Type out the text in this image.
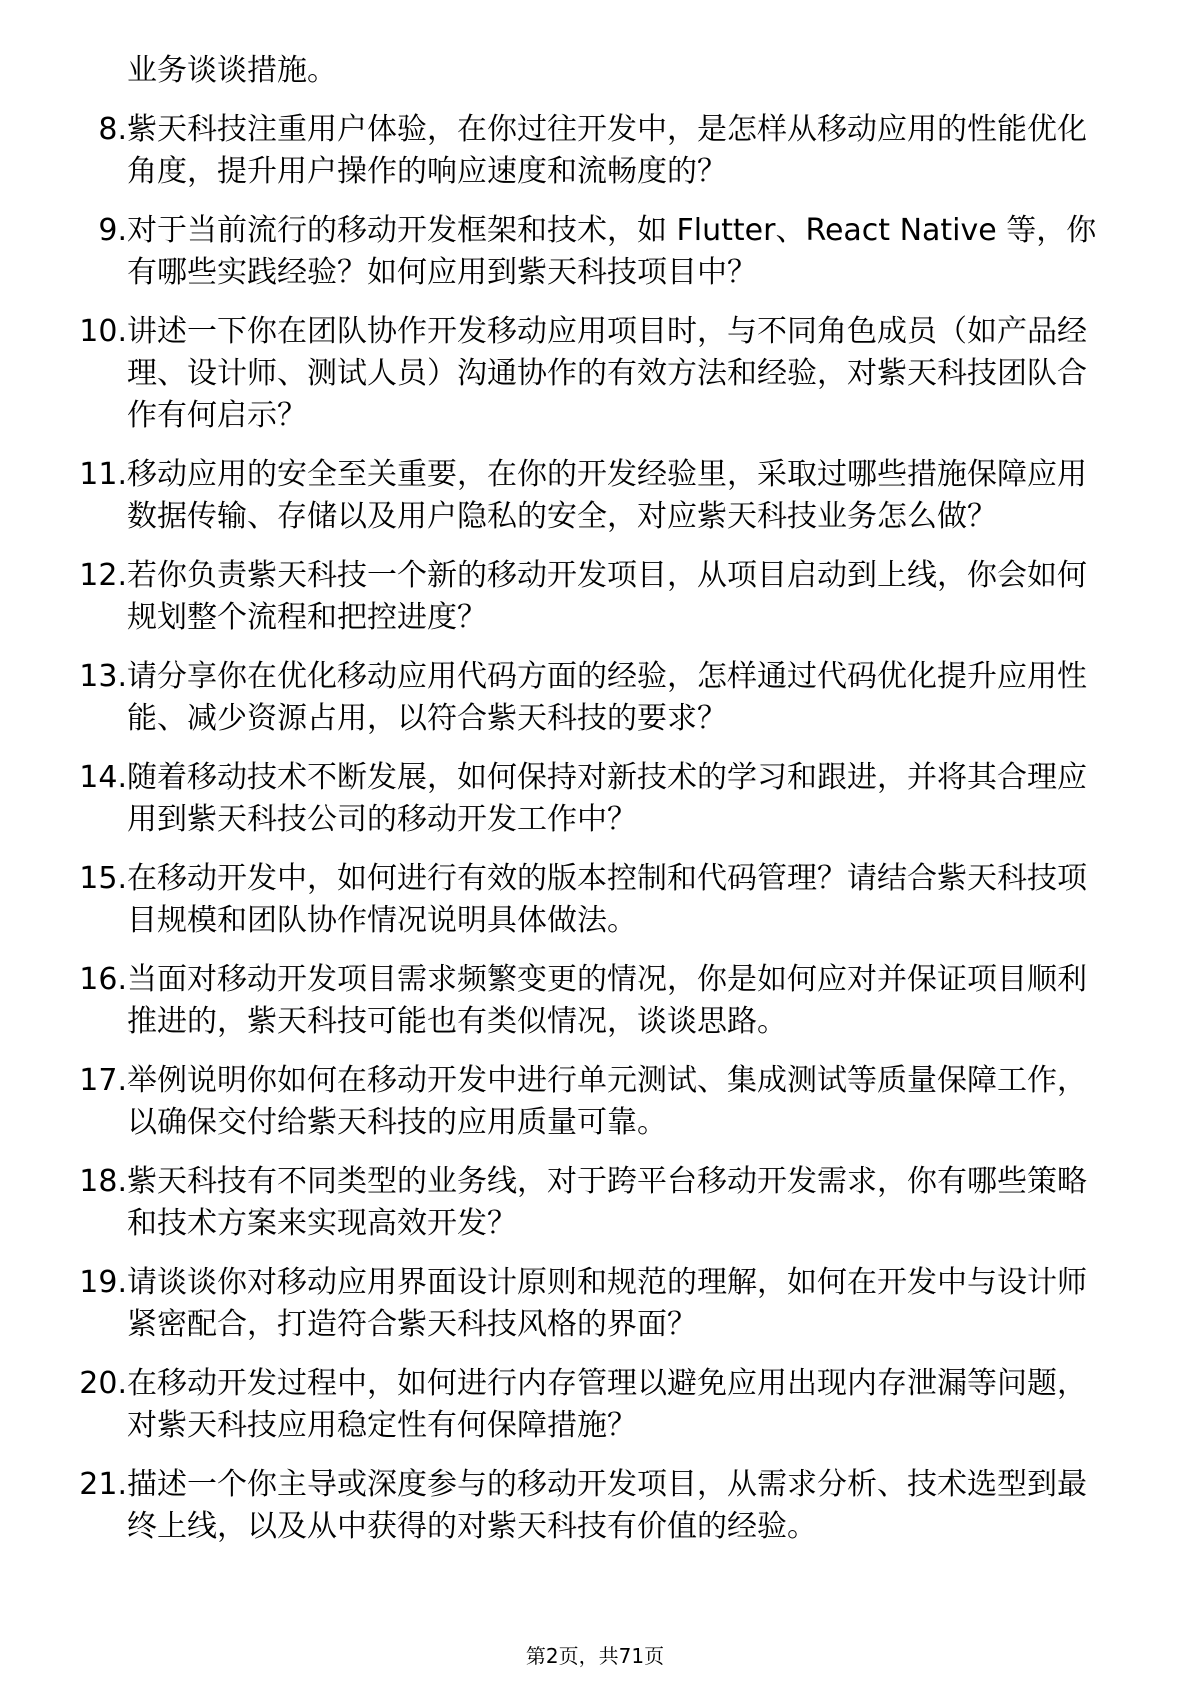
业务谈谈措施。
8. 紫天科技注重用户体验，在你过往开发中，是怎样从移动应用的性能优化角度，提升用户操作的响应速度和流畅度的？
9. 对于当前流行的移动开发框架和技术，如 Flutter、React Native 等，你有哪些实践经验？如何应用到紫天科技项目中？
10. 讲述一下你在团队协作开发移动应用项目时，与不同角色成员（如产品经理、设计师、测试人员）沟通协作的有效方法和经验，对紫天科技团队合作有何启示？
11. 移动应用的安全至关重要，在你的开发经验里，采取过哪些措施保障应用数据传输、存储以及用户隐私的安全，对应紫天科技业务怎么做？
12. 若你负责紫天科技一个新的移动开发项目，从项目启动到上线，你会如何规划整个流程和把控进度？
13. 请分享你在优化移动应用代码方面的经验，怎样通过代码优化提升应用性能、减少资源占用，以符合紫天科技的要求？
14. 随着移动技术不断发展，如何保持对新技术的学习和跟进，并将其合理应用到紫天科技公司的移动开发工作中？
15. 在移动开发中，如何进行有效的版本控制和代码管理？请结合紫天科技项目规模和团队协作情况说明具体做法。
16. 当面对移动开发项目需求频繁变更的情况，你是如何应对并保证项目顺利推进的，紫天科技可能也有类似情况，谈谈思路。
17. 举例说明你如何在移动开发中进行单元测试、集成测试等质量保障工作，以确保交付给紫天科技的应用质量可靠。
18. 紫天科技有不同类型的业务线，对于跨平台移动开发需求，你有哪些策略和技术方案来实现高效开发？
19. 请谈谈你对移动应用界面设计原则和规范的理解，如何在开发中与设计师紧密配合，打造符合紫天科技风格的界面？
20. 在移动开发过程中，如何进行内存管理以避免应用出现内存泄漏等问题，对紫天科技应用稳定性有何保障措施？
21. 描述一个你主导或深度参与的移动开发项目，从需求分析、技术选型到最终上线，以及从中获得的对紫天科技有价值的经验。
第2页，共71页
